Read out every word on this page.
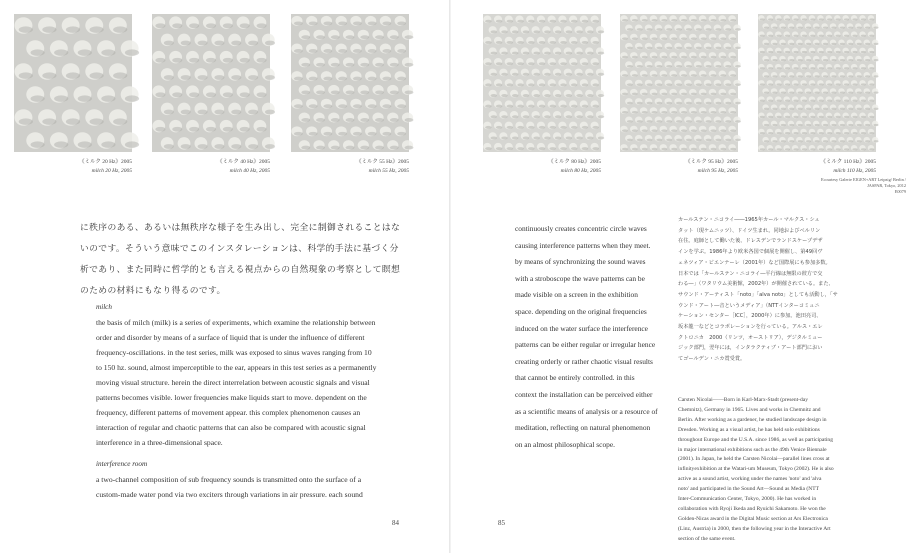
《ミルク 20 Hz》2005
milch 20 Hz, 2005
《ミルク 40 Hz》2005
milch 40 Hz, 2005
《ミルク 55 Hz》2005
milch 55 Hz, 2005
《ミルク 80 Hz》2005
milch 80 Hz, 2005
《ミルク 95 Hz》2005
milch 95 Hz, 2005
《ミルク 110 Hz》2005
milch 110 Hz, 2005
Ecourtesy Galerie EIGEN+ART Leipzig/ Berlin /
JASPAR, Tokyo, 2012
E0079
に秩序のある、あるいは無秩序な様子を生み出し、完全に制御されることはな
いのです。そういう意味でこのインスタレーションは、科学的手法に基づく分
析であり、また同時に哲学的とも言える視点からの自然現象の考察として瞑想
のための材料にもなり得るのです。
milch
the basis of milch (milk) is a series of experiments, which examine the relationship between
order and disorder by means of a surface of liquid that is under the influence of different
frequency-oscillations. in the test series, milk was exposed to sinus waves ranging from 10
to 150 hz. sound, almost imperceptible to the ear, appears in this test series as a permanently
moving visual structure. herein the direct interrelation between acoustic signals and visual
patterns becomes visible. lower frequencies make liquids start to move. dependent on the
frequency, different patterns of movement appear. this complex phenomenon causes an
interaction of regular and chaotic patterns that can also be compared with acoustic signal
interference in a three-dimensional space.
interference room
a two-channel composition of sub frequency sounds is transmitted onto the surface of a
custom-made water pond via two exciters through variations in air pressure. each sound
84
continuously creates concentric circle waves
causing interference patterns when they meet.
by means of synchronizing the sound waves
with a stroboscope the wave patterns can be
made visible on a screen in the exhibition
space. depending on the original frequencies
induced on the water surface the interference
patterns can be either regular or irregular hence
creating orderly or rather chaotic visual results
that cannot be entirely controlled. in this
context the installation can be perceived either
as a scientific means of analysis or a resource of
meditation, reflecting on natural phenomenon
on an almost philosophical scope.
カールステン・ニコライ――1965年カール・マルクス・シュ
タット（現ケムニッツ）、ドイツ生まれ。同地およびベルリン
在住。庭師として働いた後、ドレスデンでランドスケープデザ
インを学ぶ。1986年より欧米各国で個展を開催し、第49回ヴ
ェネツィア・ビエンナーレ（2001年）など国際展にも参加多数。
日本では「カールステン・ニコライ―平行線は無限の彼方で交
わる―」（ワタリウム美術館，2002年）が開催されている。また、
サウンド・アーティスト「noto」「alva noto」としても活動し，「サ
ウンド・アート―音というメディア」（NTTインターコミュニ
ケーション・センター［ICC］，2000年）に参加。池田亮司、
坂本龍一などとコラボレーションを行っている。アルス・エレ
クトロニカ　2000（リンツ，オーストリア），デジタルミュー
ジック部門，翌年には，インタラクティブ・アート部門におい
てゴールデン・ニカ賞受賞。
Carsten Nicolai――Born in Karl-Marx-Stadt (present-day
Chemnitz), Germany in 1965. Lives and works in Chemnitz and
Berlin. After working as a gardener, he studied landscape design in
Dresden. Working as a visual artist, he has held solo exhibitions
throughout Europe and the U.S.A. since 1986, as well as participating
in major international exhibitions such as the 49th Venice Biennale
(2001). In Japan, he held the Carsten Nicolai―parallel lines cross at
infinityexhibition at the Watari-um Museum, Tokyo (2002). He is also
active as a sound artist, working under the names 'noto' and 'alva
noto' and participated in the Sound Art―Sound as Media (NTT
Inter-Communication Center, Tokyo, 2000). He has worked in
collaboration with Ryoji Ikeda and Ryuichi Sakamoto. He won the
Golden-Nicas award in the Digital Music section at Ars Electronica
(Linz, Austria) in 2000, then the following year in the Interactive Art
section of the same event.
85
